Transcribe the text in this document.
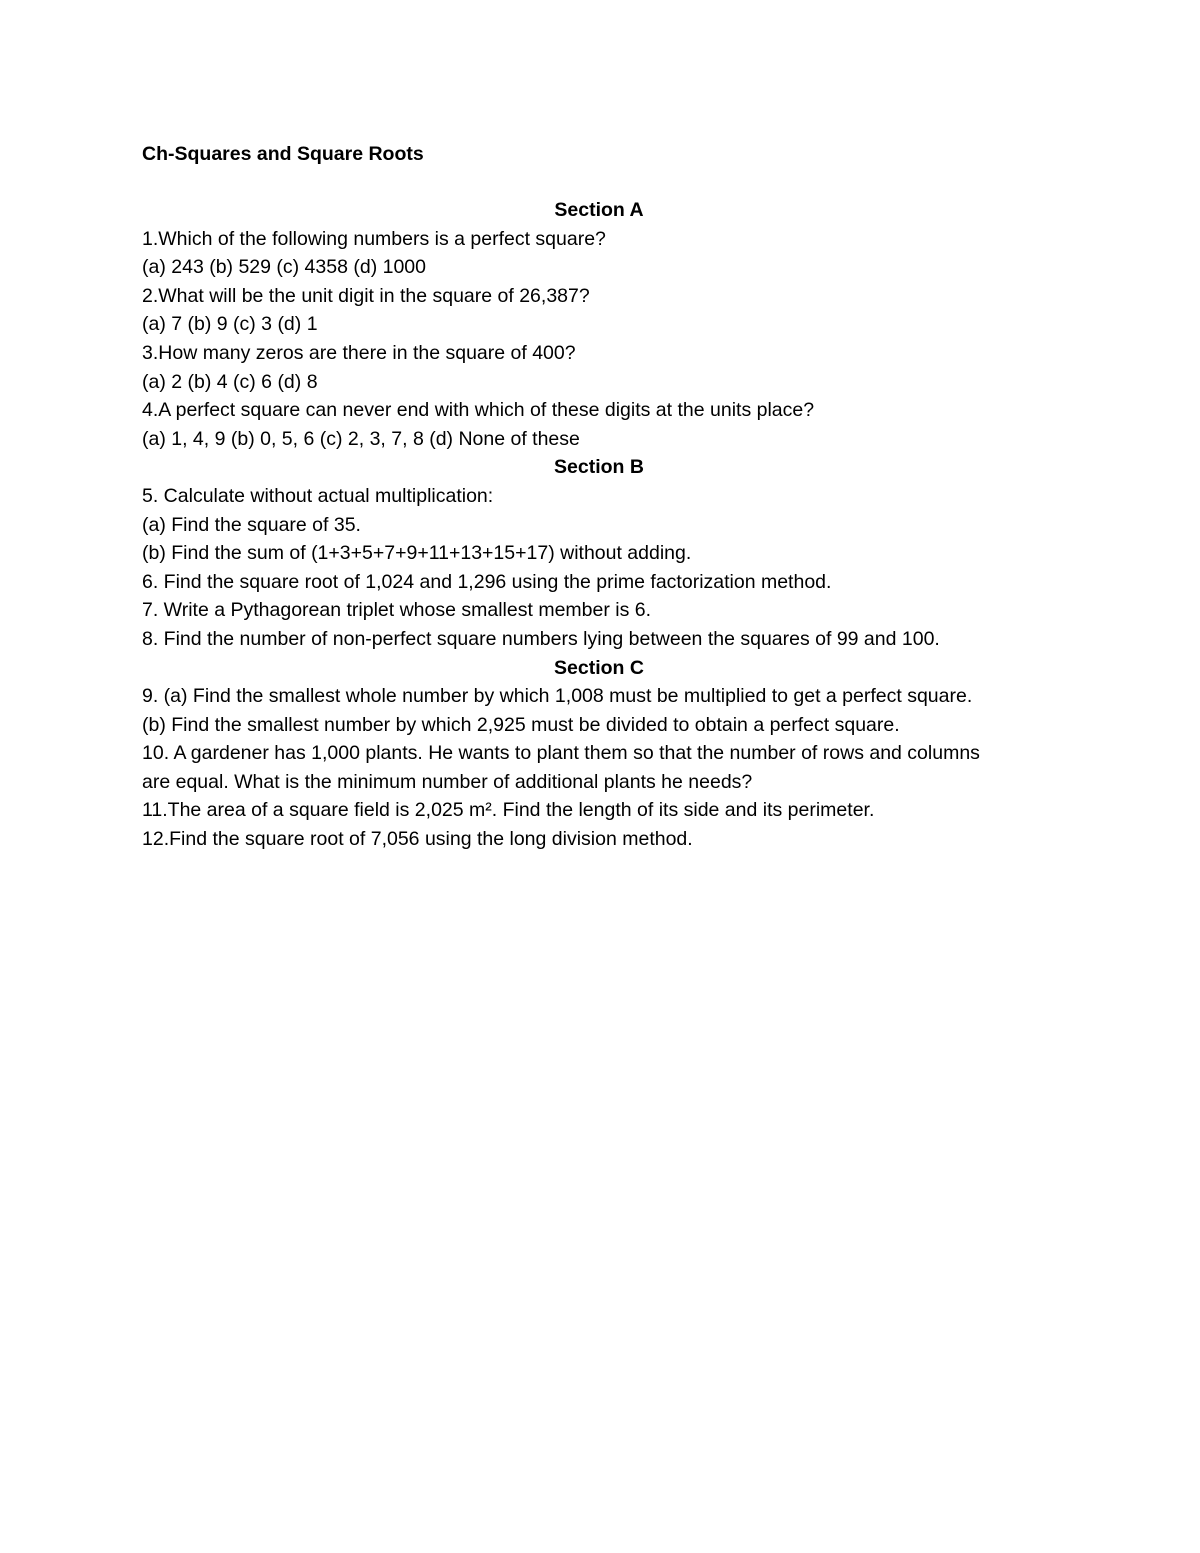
Ch-Squares and Square Roots

Section A

1.Which of the following numbers is a perfect square?

(a) 243 (b) 529 (c) 4358 (d) 1000

2.What will be the unit digit in the square of 26,387?

(a) 7 (b) 9 (c) 3 (d) 1

3.How many zeros are there in the square of 400?

(a) 2 (b) 4 (c) 6 (d) 8

4.A perfect square can never end with which of these digits at the units place?

(a) 1, 4, 9 (b) 0, 5, 6 (c) 2, 3, 7, 8 (d) None of these

Section B

5. Calculate without actual multiplication:

(a) Find the square of 35.

(b) Find the sum of (1+3+5+7+9+11+13+15+17) without adding.

6. Find the square root of 1,024 and 1,296 using the prime factorization method.

7. Write a Pythagorean triplet whose smallest member is 6.

8. Find the number of non-perfect square numbers lying between the squares of 99 and 100.

Section C

9. (a) Find the smallest whole number by which 1,008 must be multiplied to get a perfect square.

(b) Find the smallest number by which 2,925 must be divided to obtain a perfect square.

10. A gardener has 1,000 plants. He wants to plant them so that the number of rows and columns are equal. What is the minimum number of additional plants he needs?

11.The area of a square field is 2,025 m². Find the length of its side and its perimeter.

12.Find the square root of 7,056 using the long division method.
